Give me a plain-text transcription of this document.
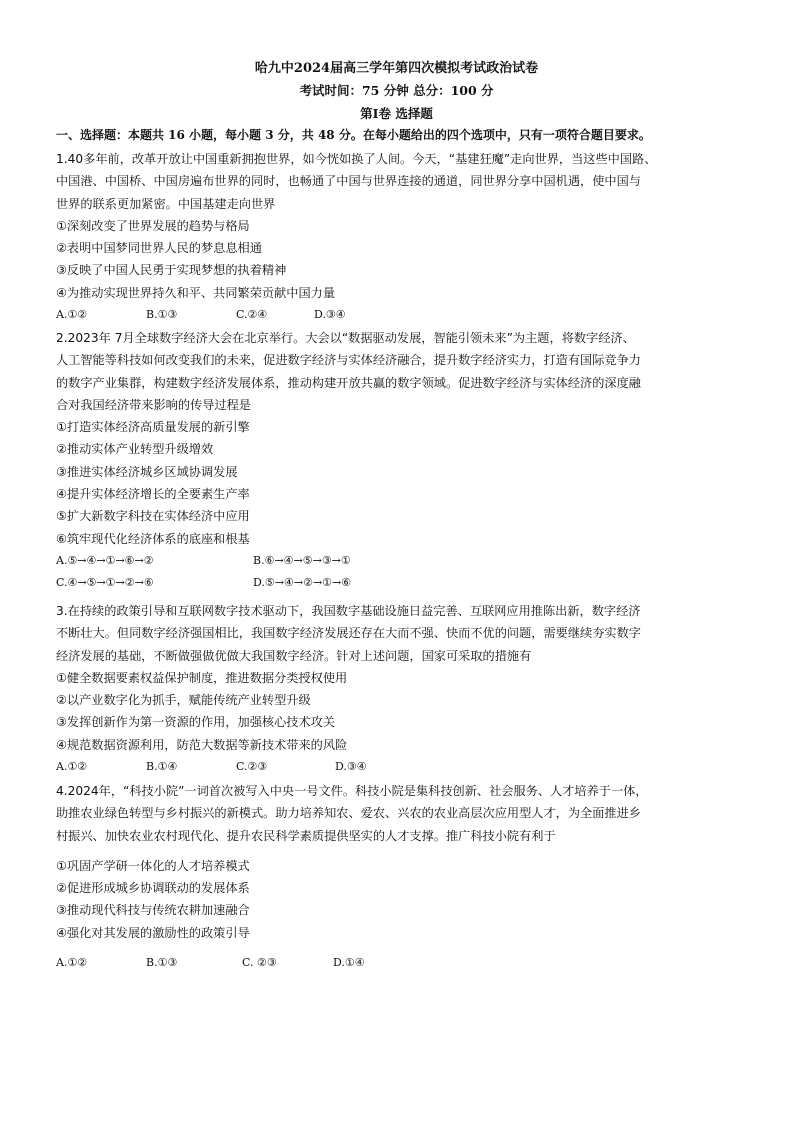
哈九中2024届高三学年第四次模拟考试政治试卷
考试时间：75 分钟 总分：100 分
第Ⅰ卷 选择题
一、选择题：本题共 16 小题，每小题 3 分，共 48 分。在每小题给出的四个选项中，只有一项符合题目要求。

1.40多年前，改革开放让中国重新拥抱世界，如今恍如换了人间。今天，“基建狂魔”走向世界，当这些中国路、

中国港、中国桥、中国房遍布世界的同时，也畅通了中国与世界连接的通道，同世界分享中国机遇，使中国与

世界的联系更加紧密。中国基建走向世界

①深刻改变了世界发展的趋势与格局

②表明中国梦同世界人民的梦息息相通

③反映了中国人民勇于实现梦想的执着精神

④为推动实现世界持久和平、共同繁荣贡献中国力量

A.①②	B.①③	C.②④	D.③④

2.2023年 7月全球数字经济大会在北京举行。大会以“数据驱动发展，智能引领未来”为主题，将数字经济、

人工智能等科技如何改变我们的未来，促进数字经济与实体经济融合，提升数字经济实力，打造有国际竞争力

的数字产业集群，构建数字经济发展体系，推动构建开放共赢的数字领域。促进数字经济与实体经济的深度融

合对我国经济带来影响的传导过程是

①打造实体经济高质量发展的新引擎

②推动实体产业转型升级增效

③推进实体经济城乡区域协调发展

④提升实体经济增长的全要素生产率

⑤扩大新数字科技在实体经济中应用

⑥筑牢现代化经济体系的底座和根基

A.⑤→④→①→⑥→②	B.⑥→④→⑤→③→①
C.④→⑤→①→②→⑥	D.⑤→④→②→①→⑥

3.在持续的政策引导和互联网数字技术驱动下，我国数字基础设施日益完善、互联网应用推陈出新，数字经济

不断壮大。但同数字经济强国相比，我国数字经济发展还存在大而不强、快而不优的问题，需要继续夯实数字

经济发展的基础，不断做强做优做大我国数字经济。针对上述问题，国家可采取的措施有

①健全数据要素权益保护制度，推进数据分类授权使用

②以产业数字化为抓手，赋能传统产业转型升级

③发挥创新作为第一资源的作用，加强核心技术攻关

④规范数据资源利用，防范大数据等新技术带来的风险

A.①②	B.①④	C.②③	D.③④

4.2024年，“科技小院”一词首次被写入中央一号文件。科技小院是集科技创新、社会服务、人才培养于一体，

助推农业绿色转型与乡村振兴的新模式。助力培养知农、爱农、兴农的农业高层次应用型人才，为全面推进乡

村振兴、加快农业农村现代化、提升农民科学素质提供坚实的人才支撑。推广科技小院有利于

①巩固产学研一体化的人才培养模式

②促进形成城乡协调联动的发展体系

③推动现代科技与传统农耕加速融合

④强化对其发展的激励性的政策引导

A.①②	B.①③	C. ②③	D.①④
